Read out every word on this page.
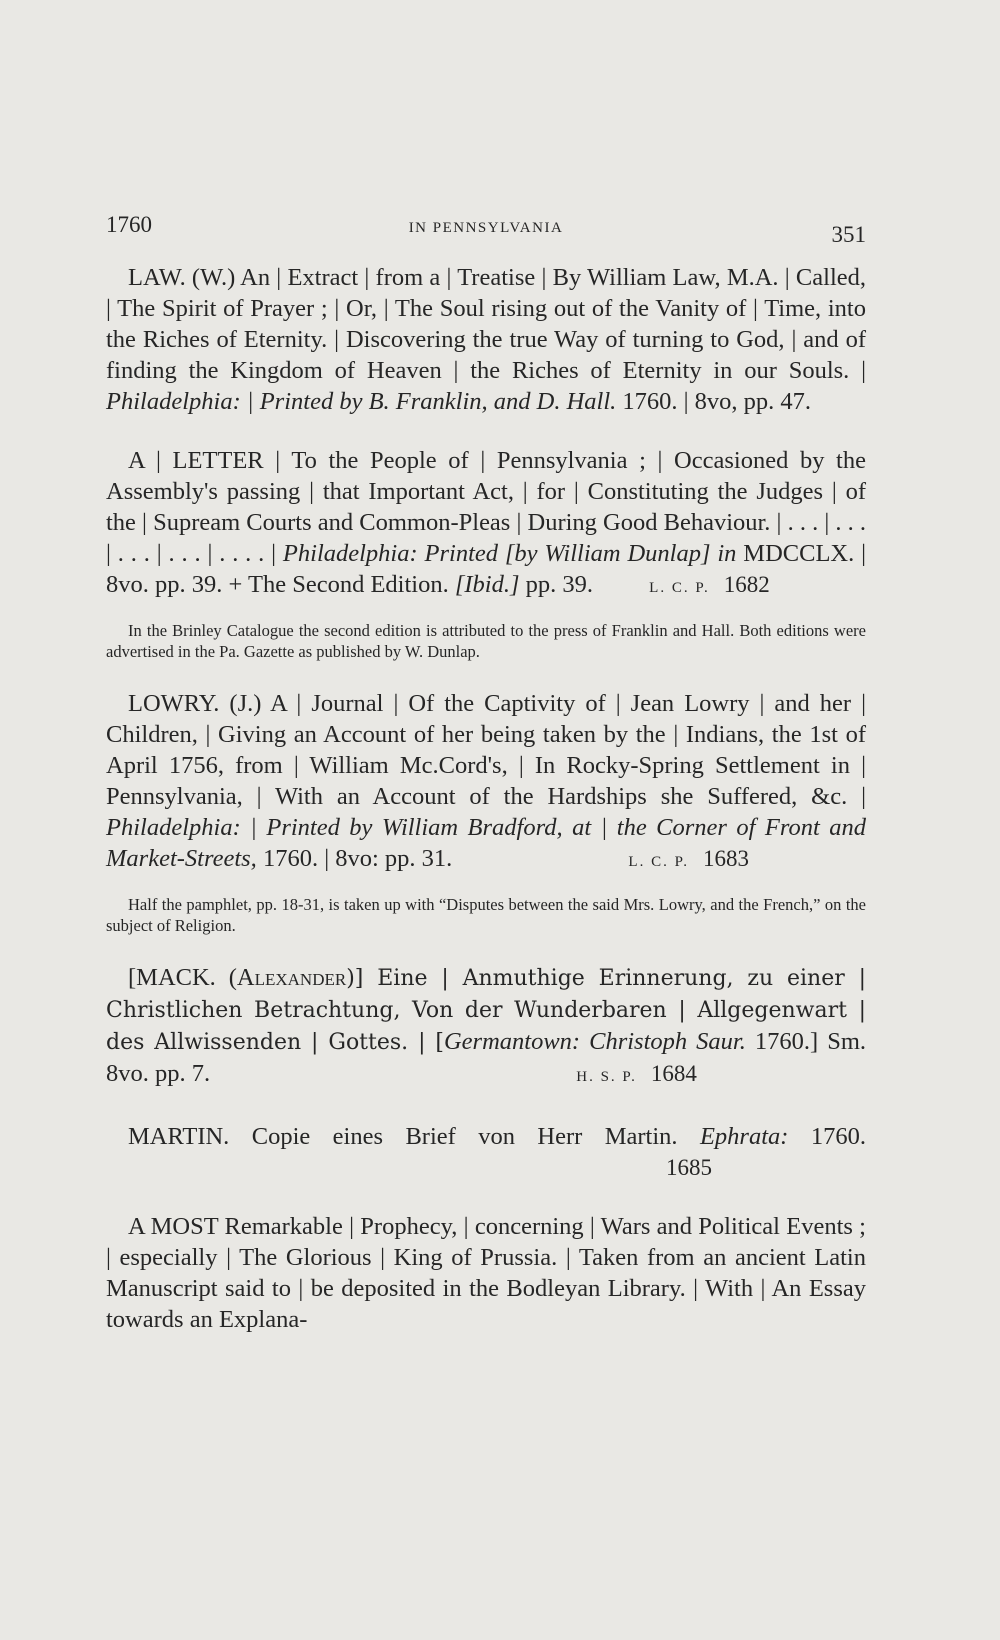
1760	IN PENNSYLVANIA	351

LAW. (W.) An | Extract | from a | Treatise | By William Law, M.A. | Called, | The Spirit of Prayer ; | Or, | The Soul rising out of the Vanity of | Time, into the Riches of Eternity. | Discovering the true Way of turning to God, | and of finding the Kingdom of Heaven | the Riches of Eternity in our Souls. | Philadelphia: | Printed by B. Franklin, and D. Hall. 1760. | 8vo, pp. 47.

A | LETTER | To the People of | Pennsylvania ; | Occasioned by the Assembly's passing | that Important Act, | for | Constituting the Judges | of the | Supream Courts and Common-Pleas | During Good Behaviour. | . . . | . . . | . . . | . . . | . . . . | Philadelphia: Printed [by William Dunlap] in MDCCLX. | 8vo. pp. 39. + The Second Edition. [Ibid.] pp. 39.	L. C. P. 1682

In the Brinley Catalogue the second edition is attributed to the press of Franklin and Hall. Both editions were advertised in the Pa. Gazette as published by W. Dunlap.

LOWRY. (J.) A | Journal | Of the Captivity of | Jean Lowry | and her | Children, | Giving an Account of her being taken by the | Indians, the 1st of April 1756, from | William Mc.Cord's, | In Rocky-Spring Settlement in | Pennsylvania, | With an Account of the Hardships she Suffered, &c. | Philadelphia: | Printed by William Bradford, at | the Corner of Front and Market-Streets, 1760. | 8vo: pp. 31.	L. C. P. 1683

Half the pamphlet, pp. 18-31, is taken up with “Disputes between the said Mrs. Lowry, and the French,” on the subject of Religion.

[MACK. (Alexander)] Eine | Anmuthige Erinnerung, zu einer | Christlichen Betrachtung, Von der Wunderbaren | Allgegenwart | des Allwissenden | Gottes. | [Germantown: Christoph Saur. 1760.] Sm. 8vo. pp. 7.	H. S. P. 1684

MARTIN. Copie eines Brief von Herr Martin. Ephrata: 1760. 1685

A MOST Remarkable | Prophecy, | concerning | Wars and Political Events ; | especially | The Glorious | King of Prussia. | Taken from an ancient Latin Manuscript said to | be deposited in the Bodleyan Library. | With | An Essay towards an Explana-
